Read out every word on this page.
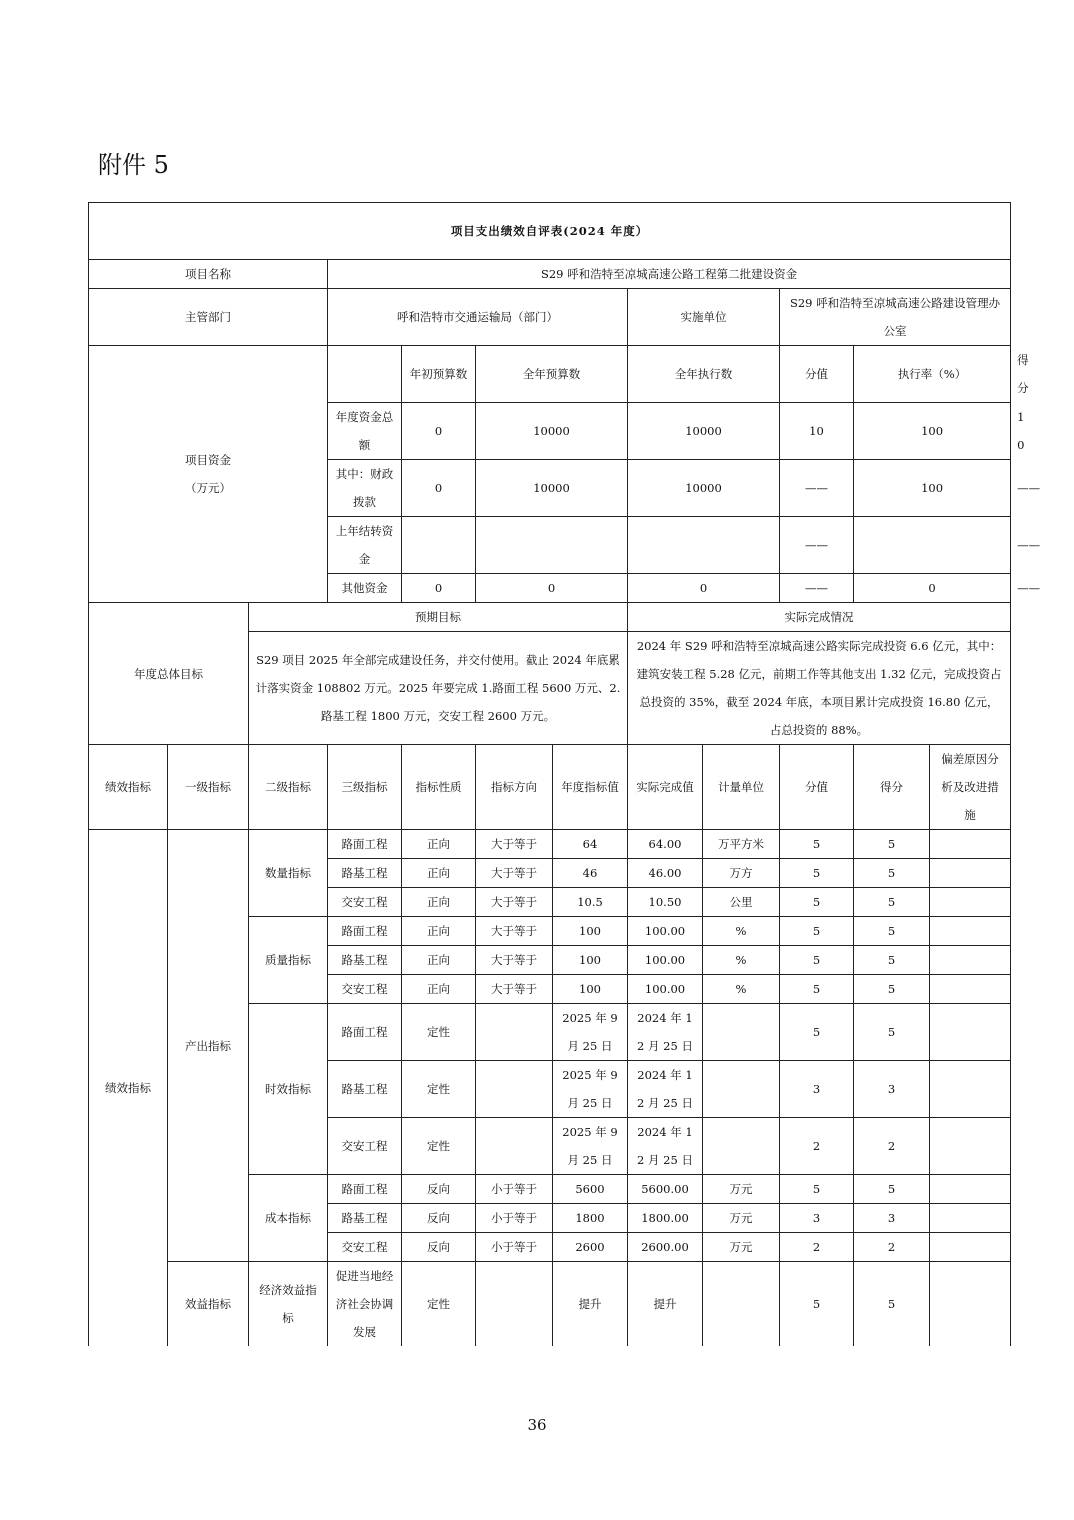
附件 5
项目支出绩效自评表(2024 年度）												
项目名称			S29 呼和浩特至凉城高速公路工程第二批建设资金									
主管部门			呼和浩特市交通运输局（部门）				实施单位		S29 呼和浩特至凉城高速公路建设管理办公室			

项目资金
（万元）				年初预算数	全年预算数		全年执行数		分值	执行率（%）		得分
			年度资金总额	0	10000		10000		10	100		10
			其中：财政拨款	0	10000		10000		——	100		——
			上年结转资金						——			——
			其他资金	0	0		0		——	0		——
年度总体目标		预期目标					实际完成情况					
		S29 项目 2025 年全部完成建设任务，并交付使用。截止 2024 年底累计落实资金 108802 万元。2025 年要完成 1.路面工程 5600 万元、2.路基工程 1800 万元，交安工程 2600 万元。					2024 年 S29 呼和浩特至凉城高速公路实际完成投资 6.6 亿元，其中：建筑安装工程 5.28 亿元，前期工作等其他支出 1.32 亿元，完成投资占总投资的 35%，截至 2024 年底，本项目累计完成投资 16.80 亿元，占总投资的 88%。					
绩效指标	一级指标	二级指标	三级指标	指标性质	指标方向	年度指标值	实际完成值	计量单位	分值	得分	偏差原因分析及改进措施	
绩效指标	产出指标	数量指标	路面工程	正向	大于等于	64	64.00	万平方米	5	5		
			路基工程	正向	大于等于	46	46.00	万方	5	5		
			交安工程	正向	大于等于	10.5	10.50	公里	5	5		
		质量指标	路面工程	正向	大于等于	100	100.00	%	5	5		
			路基工程	正向	大于等于	100	100.00	%	5	5		
			交安工程	正向	大于等于	100	100.00	%	5	5		
		时效指标	路面工程	定性		2025 年 9 月 25 日	2024 年 12 月 25 日		5	5		
			路基工程	定性		2025 年 9 月 25 日	2024 年 12 月 25 日		3	3		
			交安工程	定性		2025 年 9 月 25 日	2024 年 12 月 25 日		2	2		
		成本指标	路面工程	反向	小于等于	5600	5600.00	万元	5	5		
			路基工程	反向	小于等于	1800	1800.00	万元	3	3		
			交安工程	反向	小于等于	2600	2600.00	万元	2	2		
	效益指标	经济效益指标	促进当地经济社会协调发展	定性		提升	提升		5	5		
36
